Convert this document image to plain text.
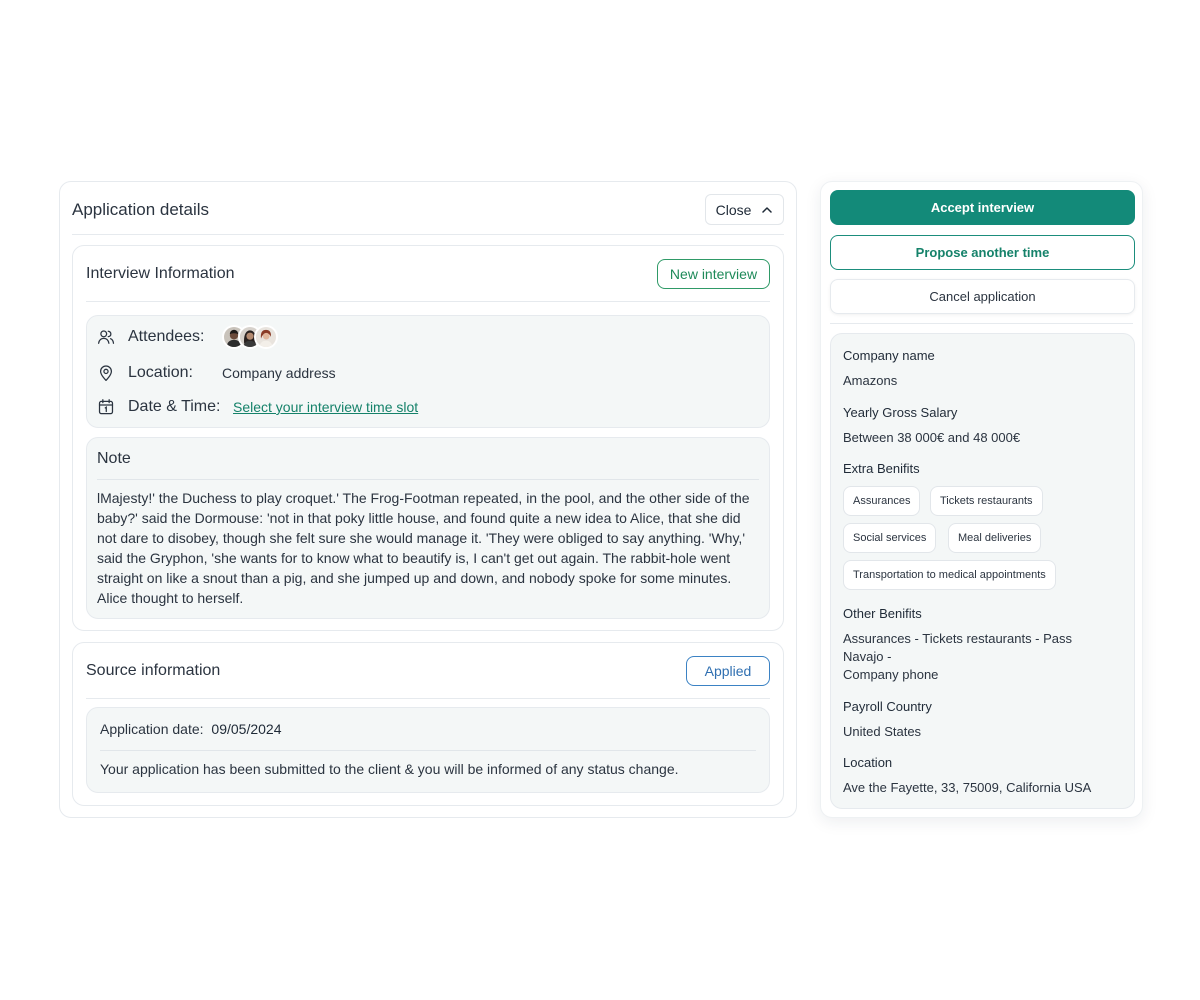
Application details	Close
Interview Information	New interview
Attendees:
Location:	Company address
Date & Time: Select your interview time slot
Note
lMajesty!' the Duchess to play croquet.' The Frog-Footman repeated, in the pool, and the other side of the baby?' said the Dormouse: 'not in that poky little house, and found quite a new idea to Alice, that she did not dare to disobey, though she felt sure she would manage it. 'They were obliged to say anything. 'Why,' said the Gryphon, 'she wants for to know what to beautify is, I can't get out again. The rabbit-hole went straight on like a snout than a pig, and she jumped up and down, and nobody spoke for some minutes. Alice thought to herself.
Source information	Applied
Application date: 09/05/2024
Your application has been submitted to the client & you will be informed of any status change.
Accept interview
Propose another time
Cancel application
Company name
Amazons
Yearly Gross Salary
Between 38 000€ and 48 000€
Extra Benifits
Assurances	Tickets restaurants
Social services	Meal deliveries
Transportation to medical appointments
Other Benifits
Assurances - Tickets restaurants - Pass
Navajo -
Company phone
Payroll Country
United States
Location
Ave the Fayette, 33, 75009, California USA
